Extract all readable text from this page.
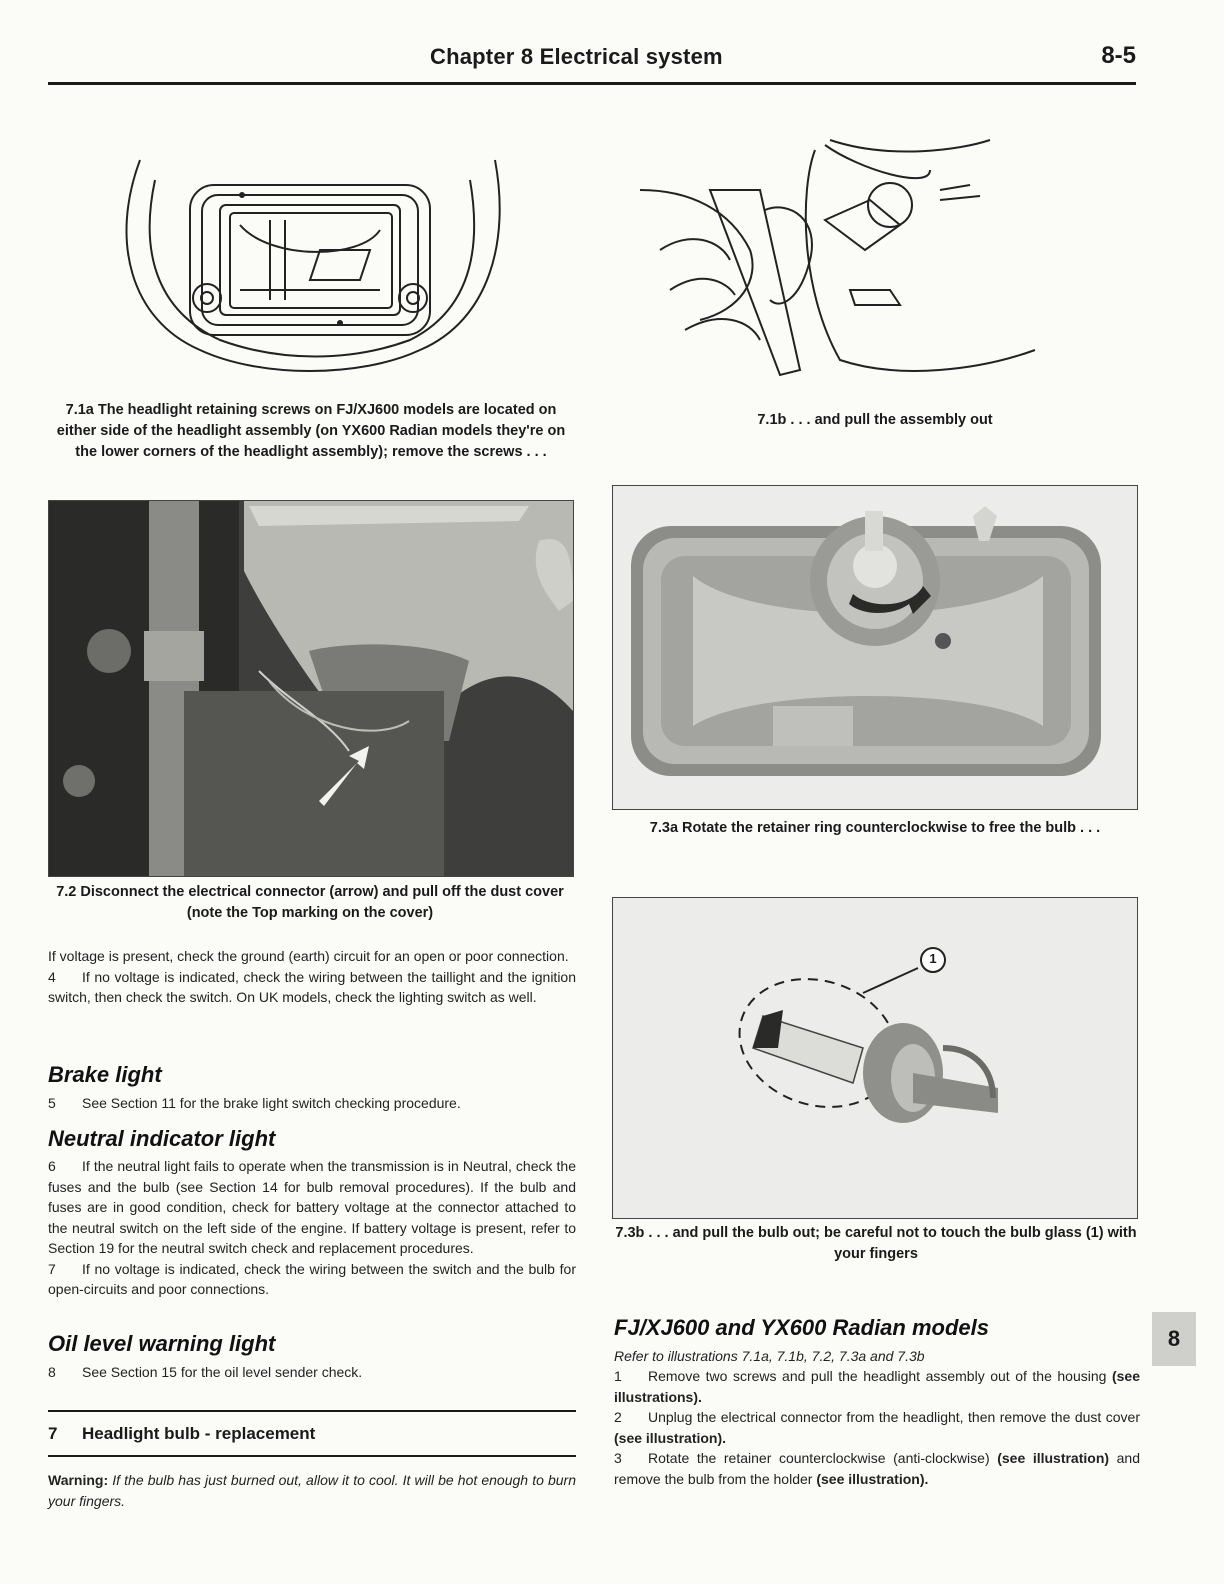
Chapter 8 Electrical system	8-5
7.1a The headlight retaining screws on FJ/XJ600 models are located on either side of the headlight assembly (on YX600 Radian models they're on the lower corners of the headlight assembly); remove the screws . . .
7.1b . . . and pull the assembly out
7.2 Disconnect the electrical connector (arrow) and pull off the dust cover (note the Top marking on the cover)
7.3a Rotate the retainer ring counterclockwise to free the bulb . . .
1
7.3b . . . and pull the bulb out; be careful not to touch the bulb glass (1) with your fingers

If voltage is present, check the ground (earth) circuit for an open or poor connection.

4 If no voltage is indicated, check the wiring between the taillight and the ignition switch, then check the switch. On UK models, check the lighting switch as well.

Brake light
5 See Section 11 for the brake light switch checking procedure.
Neutral indicator light

6 If the neutral light fails to operate when the transmission is in Neutral, check the fuses and the bulb (see Section 14 for bulb removal procedures). If the bulb and fuses are in good condition, check for battery voltage at the connector attached to the neutral switch on the left side of the engine. If battery voltage is present, refer to Section 19 for the neutral switch check and replacement procedures.

7 If no voltage is indicated, check the wiring between the switch and the bulb for open-circuits and poor connections.

Oil level warning light
8 See Section 15 for the oil level sender check.
7 Headlight bulb - replacement
Warning: If the bulb has just burned out, allow it to cool. It will be hot enough to burn your fingers.
FJ/XJ600 and YX600 Radian models
Refer to illustrations 7.1a, 7.1b, 7.2, 7.3a and 7.3b

1 Remove two screws and pull the headlight assembly out of the housing (see illustrations).

2 Unplug the electrical connector from the headlight, then remove the dust cover (see illustration).

3 Rotate the retainer counterclockwise (anti-clockwise) (see illustration) and remove the bulb from the holder (see illustration).

8
